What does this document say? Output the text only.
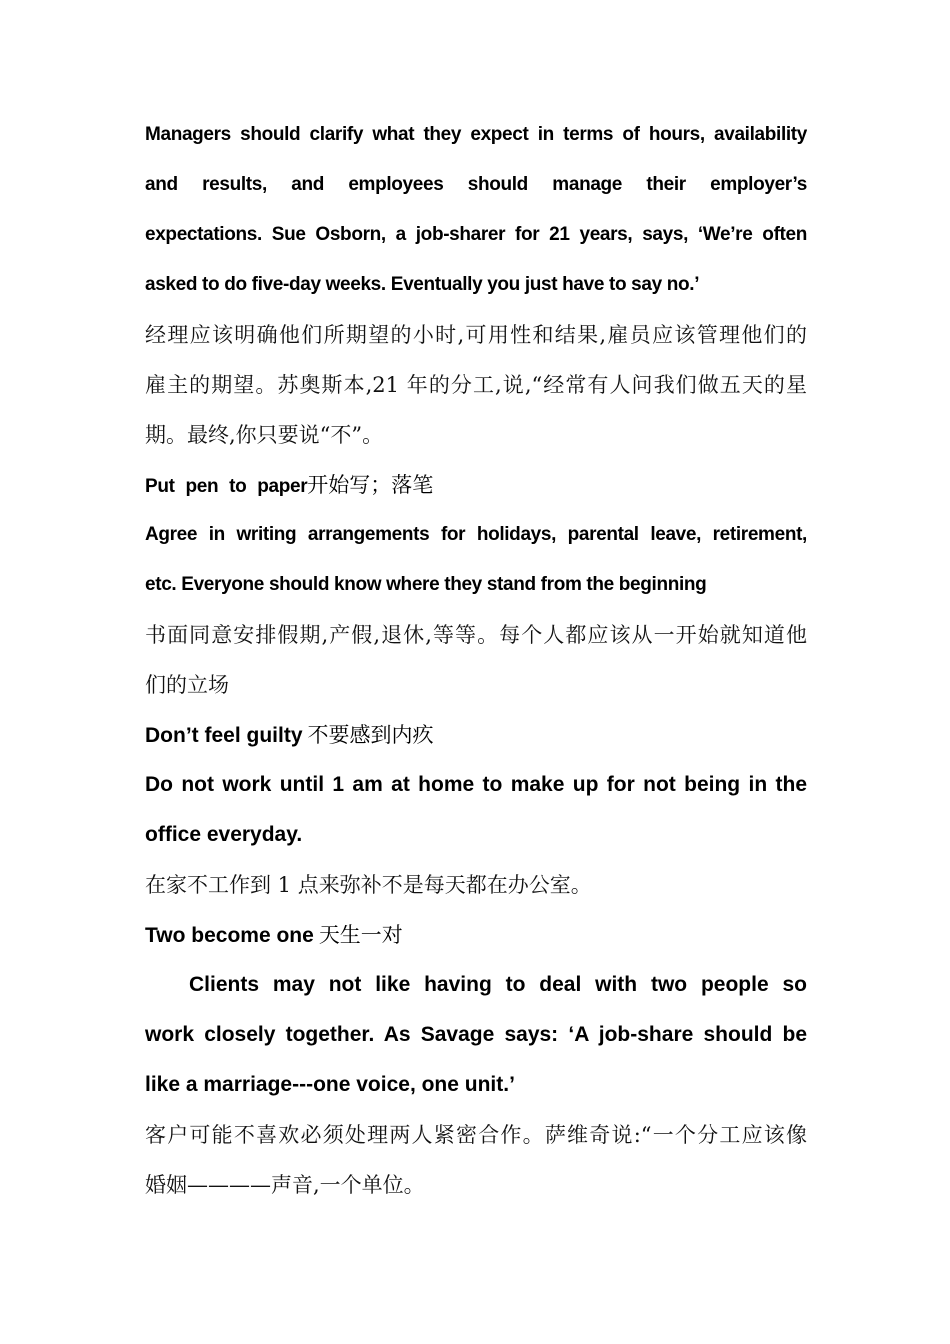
Managers should clarify what they expect in terms of hours, availability
and results, and employees should manage their employer’s
expectations. Sue Osborn, a job-sharer for 21 years, says, ‘We’re often
asked to do five-day weeks. Eventually you just have to say no.’
经理应该明确他们所期望的小时,可用性和结果,雇员应该管理他们的
雇主的期望。苏奥斯本,21 年的分工,说,“经常有人问我们做五天的星
期。最终,你只要说“不”。
Put pen to paper开始写；落笔
Agree in writing arrangements for holidays, parental leave, retirement,
etc. Everyone should know where they stand from the beginning
书面同意安排假期,产假,退休,等等。每个人都应该从一开始就知道他
们的立场
Don’t feel guilty 不要感到内疚
Do not work until 1 am at home to make up for not being in the
office everyday.
在家不工作到 1 点来弥补不是每天都在办公室。
Two become one 天生一对
Clients may not like having to deal with two people so
work closely together. As Savage says: ‘A job-share should be
like a marriage---one voice, one unit.’
客户可能不喜欢必须处理两人紧密合作。萨维奇说:“一个分工应该像
婚姻————声音,一个单位。
